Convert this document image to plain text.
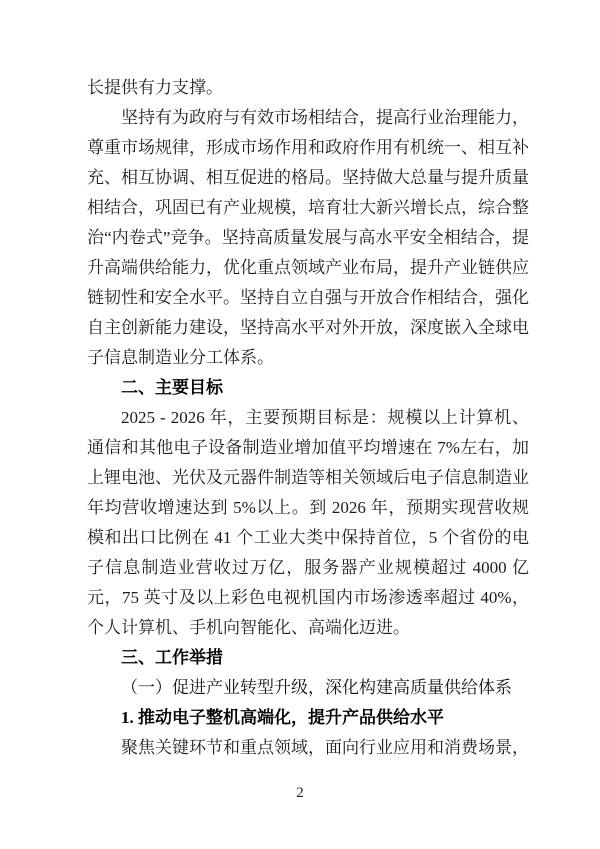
长提供有力支撑。

坚持有为政府与有效市场相结合，提高行业治理能力，尊重市场规律，形成市场作用和政府作用有机统一、相互补充、相互协调、相互促进的格局。坚持做大总量与提升质量相结合，巩固已有产业规模，培育壮大新兴增长点，综合整治“内卷式”竞争。坚持高质量发展与高水平安全相结合，提升高端供给能力，优化重点领域产业布局，提升产业链供应链韧性和安全水平。坚持自立自强与开放合作相结合，强化自主创新能力建设，坚持高水平对外开放，深度嵌入全球电子信息制造业分工体系。

二、主要目标

2025 - 2026 年，主要预期目标是：规模以上计算机、通信和其他电子设备制造业增加值平均增速在 7%左右，加上锂电池、光伏及元器件制造等相关领域后电子信息制造业年均营收增速达到 5%以上。到 2026 年，预期实现营收规模和出口比例在 41 个工业大类中保持首位，5 个省份的电子信息制造业营收过万亿，服务器产业规模超过 4000 亿元，75 英寸及以上彩色电视机国内市场渗透率超过 40%，个人计算机、手机向智能化、高端化迈进。

三、工作举措

（一）促进产业转型升级，深化构建高质量供给体系

1. 推动电子整机高端化，提升产品供给水平

聚焦关键环节和重点领域，面向行业应用和消费场景，

2
